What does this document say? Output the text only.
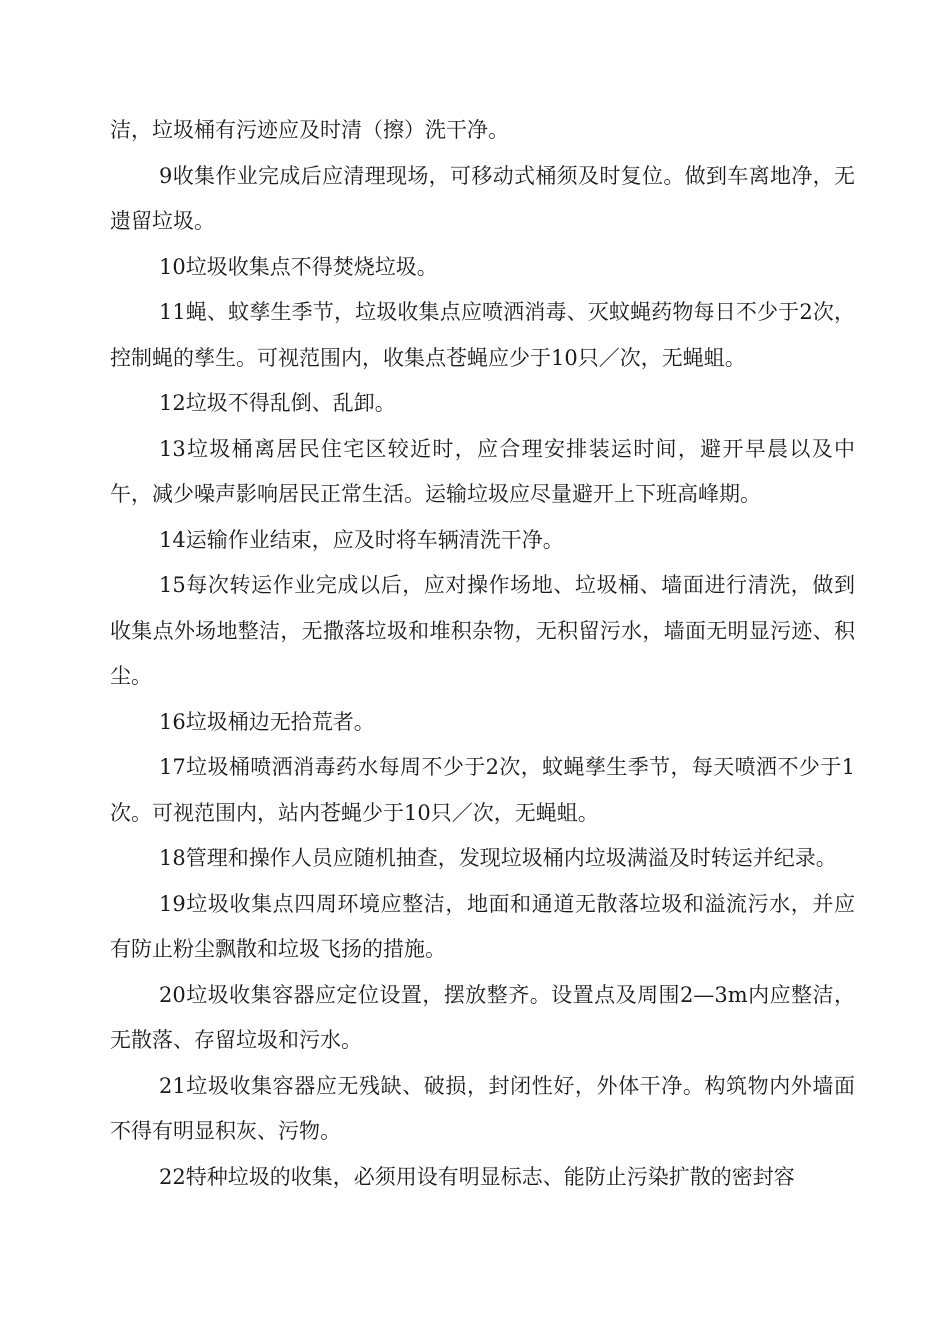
洁，垃圾桶有污迹应及时清（擦）洗干净。

9收集作业完成后应清理现场，可移动式桶须及时复位。做到车离地净，无遗留垃圾。

10垃圾收集点不得焚烧垃圾。

11蝇、蚊孳生季节，垃圾收集点应喷洒消毒、灭蚊蝇药物每日不少于2次，控制蝇的孳生。可视范围内，收集点苍蝇应少于10只／次，无蝇蛆。

12垃圾不得乱倒、乱卸。

13垃圾桶离居民住宅区较近时，应合理安排装运时间，避开早晨以及中午，减少噪声影响居民正常生活。运输垃圾应尽量避开上下班高峰期。

14运输作业结束，应及时将车辆清洗干净。

15每次转运作业完成以后，应对操作场地、垃圾桶、墙面进行清洗，做到收集点外场地整洁，无撒落垃圾和堆积杂物，无积留污水，墙面无明显污迹、积尘。

16垃圾桶边无拾荒者。

17垃圾桶喷洒消毒药水每周不少于2次，蚊蝇孳生季节，每天喷洒不少于1次。可视范围内，站内苍蝇少于10只／次，无蝇蛆。

18管理和操作人员应随机抽查，发现垃圾桶内垃圾满溢及时转运并纪录。

19垃圾收集点四周环境应整洁，地面和通道无散落垃圾和溢流污水，并应有防止粉尘飘散和垃圾飞扬的措施。

20垃圾收集容器应定位设置，摆放整齐。设置点及周围2—3m内应整洁，无散落、存留垃圾和污水。

21垃圾收集容器应无残缺、破损，封闭性好，外体干净。构筑物内外墙面不得有明显积灰、污物。

22特种垃圾的收集，必须用设有明显标志、能防止污染扩散的密封容
